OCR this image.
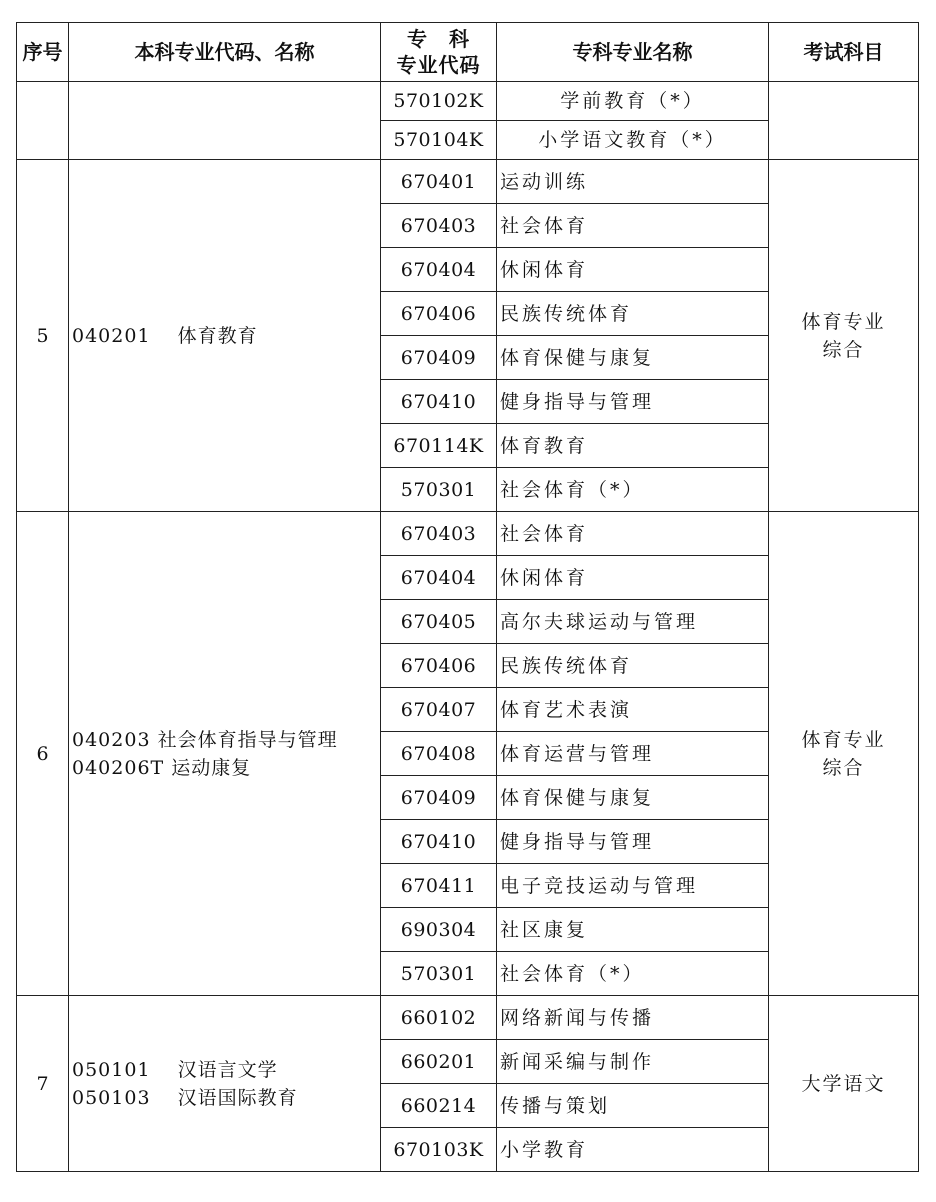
序号	本科专业代码、名称	专　科
专业代码	专科专业名称	考试科目
		570102K	学前教育（*）	
		570104K	小学语文教育（*）	
5	040201　 体育教育	670401	运动训练	体育专业
综合

		670403	社会体育	
		670404	休闲体育	
		670406	民族传统体育	
		670409	体育保健与康复	
		670410	健身指导与管理	
		670114K	体育教育	
		570301	社会体育（*）	
6	040203 社会体育指导与管理
040206T 运动康复	670403	社会体育	体育专业
综合

		670404	休闲体育	
		670405	高尔夫球运动与管理	
		670406	民族传统体育	
		670407	体育艺术表演	
		670408	体育运营与管理	
		670409	体育保健与康复	
		670410	健身指导与管理	
		670411	电子竞技运动与管理	
		690304	社区康复	
		570301	社会体育（*）	
7	050101　 汉语言文学
050103　 汉语国际教育	660102	网络新闻与传播	大学语文

		660201	新闻采编与制作	
		660214	传播与策划	
		670103K	小学教育	
